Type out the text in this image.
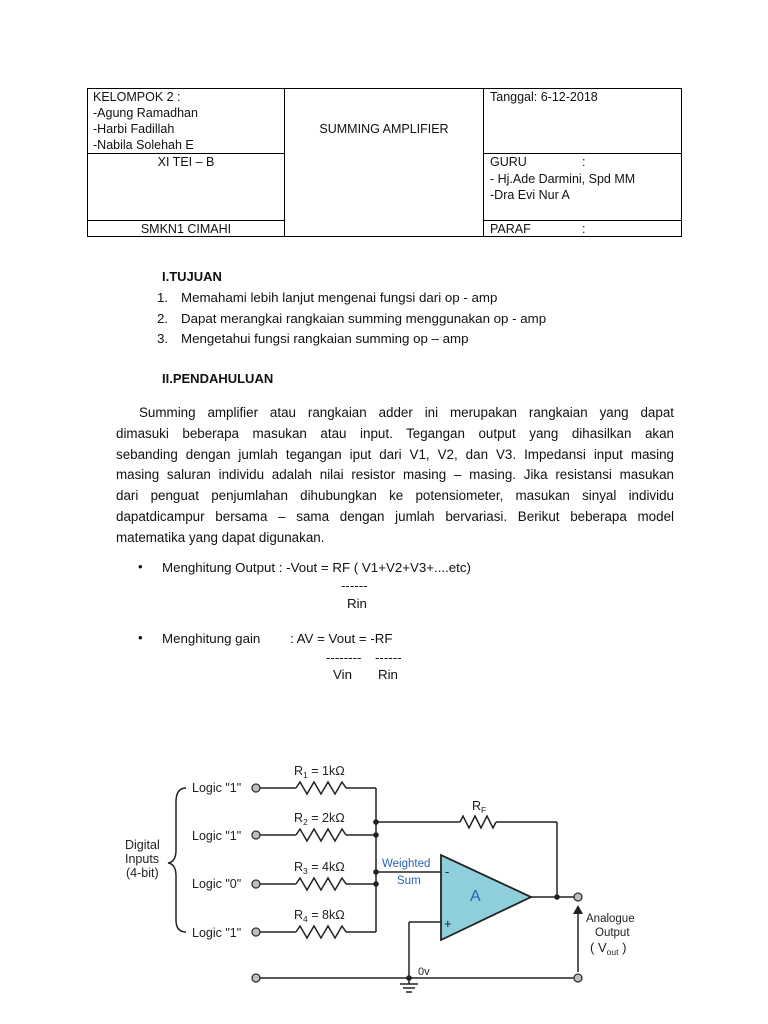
KELOMPOK 2 :
-Agung Ramadhan
-Harbi Fadillah
-Nabila Solehah E
XI TEI – B
SMKN1 CIMAHI
SUMMING AMPLIFIER
Tanggal: 6-12-2018
GURU	:
- Hj.Ade Darmini, Spd MM
-Dra Evi Nur A
PARAF	:
I.TUJUAN
1. Memahami lebih lanjut mengenai fungsi dari op - amp
2. Dapat merangkai rangkaian summing menggunakan op - amp
3. Mengetahui fungsi rangkaian summing op – amp
II.PENDAHULUAN
Summing amplifier atau rangkaian adder ini merupakan rangkaian yang dapat
dimasuki beberapa masukan atau input. Tegangan output yang dihasilkan akan
sebanding dengan jumlah tegangan iput dari V1, V2, dan V3. Impedansi input masing
masing saluran individu adalah nilai resistor masing – masing. Jika resistansi masukan
dari penguat penjumlahan dihubungkan ke potensiometer, masukan sinyal individu
dapatdicampur bersama – sama dengan jumlah bervariasi. Berikut beberapa model
matematika yang dapat digunakan.
• Menghitung Output : -Vout = RF ( V1+V2+V3+....etc)
------
Rin
• Menghitung gain : AV = Vout = -RF
-------- ------
Vin Rin
Digital
Inputs
(4-bit)
Logic "1"
Logic "1"
Logic "0"
Logic "1"
$R_1$ = 1kΩ
$R_2$ = 2kΩ
$R_3$ = 4kΩ
$R_4$ = 8kΩ
$R_F$
0v
Analogue
Output
( $V_{out}$ )
Weighted
Sum
A
-
+
